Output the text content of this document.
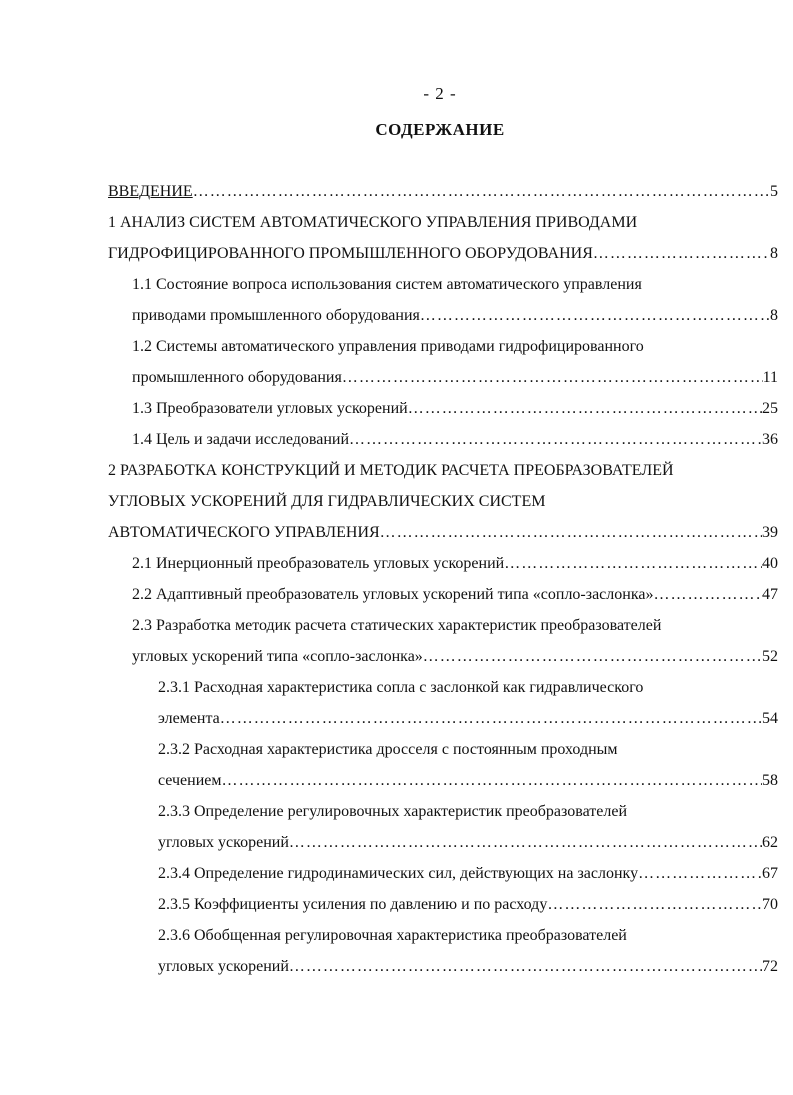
- 2 -
СОДЕРЖАНИЕ
ВВЕДЕНИЕ ………………………………………………………………………………………………………………………………………………………………………………………	5
1 АНАЛИЗ СИСТЕМ АВТОМАТИЧЕСКОГО УПРАВЛЕНИЯ ПРИВОДАМИ
ГИДРОФИЦИРОВАННОГО ПРОМЫШЛЕННОГО ОБОРУДОВАНИЯ ………………………………………………………………………………………………………………………………………………………………………………………	8
1.1 Состояние вопроса использования систем автоматического управления
приводами промышленного оборудования ………………………………………………………………………………………………………………………………………………………………………………………	8
1.2 Системы автоматического управления приводами гидрофицированного
промышленного оборудования ………………………………………………………………………………………………………………………………………………………………………………………	11
1.3 Преобразователи угловых ускорений ………………………………………………………………………………………………………………………………………………………………………………………	25
1.4 Цель и задачи исследований ………………………………………………………………………………………………………………………………………………………………………………………	36
2 РАЗРАБОТКА КОНСТРУКЦИЙ И МЕТОДИК РАСЧЕТА ПРЕОБРАЗОВАТЕЛЕЙ
УГЛОВЫХ УСКОРЕНИЙ ДЛЯ ГИДРАВЛИЧЕСКИХ СИСТЕМ
АВТОМАТИЧЕСКОГО УПРАВЛЕНИЯ ………………………………………………………………………………………………………………………………………………………………………………………	39
2.1 Инерционный преобразователь угловых ускорений ………………………………………………………………………………………………………………………………………………………………………………………	40
2.2 Адаптивный преобразователь угловых ускорений типа «сопло-заслонка» ………………………………………………………………………………………………………………………………………………………………………………………	47
2.3 Разработка методик расчета статических характеристик преобразователей
угловых ускорений типа «сопло-заслонка» ………………………………………………………………………………………………………………………………………………………………………………………	52
2.3.1 Расходная характеристика сопла с заслонкой как гидравлического
элемента ………………………………………………………………………………………………………………………………………………………………………………………	54
2.3.2 Расходная характеристика дросселя с постоянным проходным
сечением ………………………………………………………………………………………………………………………………………………………………………………………	58
2.3.3 Определение регулировочных характеристик преобразователей
угловых ускорений ………………………………………………………………………………………………………………………………………………………………………………………	62
2.3.4 Определение гидродинамических сил, действующих на заслонку ………………………………………………………………………………………………………………………………………………………………………………………	67
2.3.5 Коэффициенты усиления по давлению и по расходу ………………………………………………………………………………………………………………………………………………………………………………………	70
2.3.6 Обобщенная регулировочная характеристика преобразователей
угловых ускорений ………………………………………………………………………………………………………………………………………………………………………………………	72
